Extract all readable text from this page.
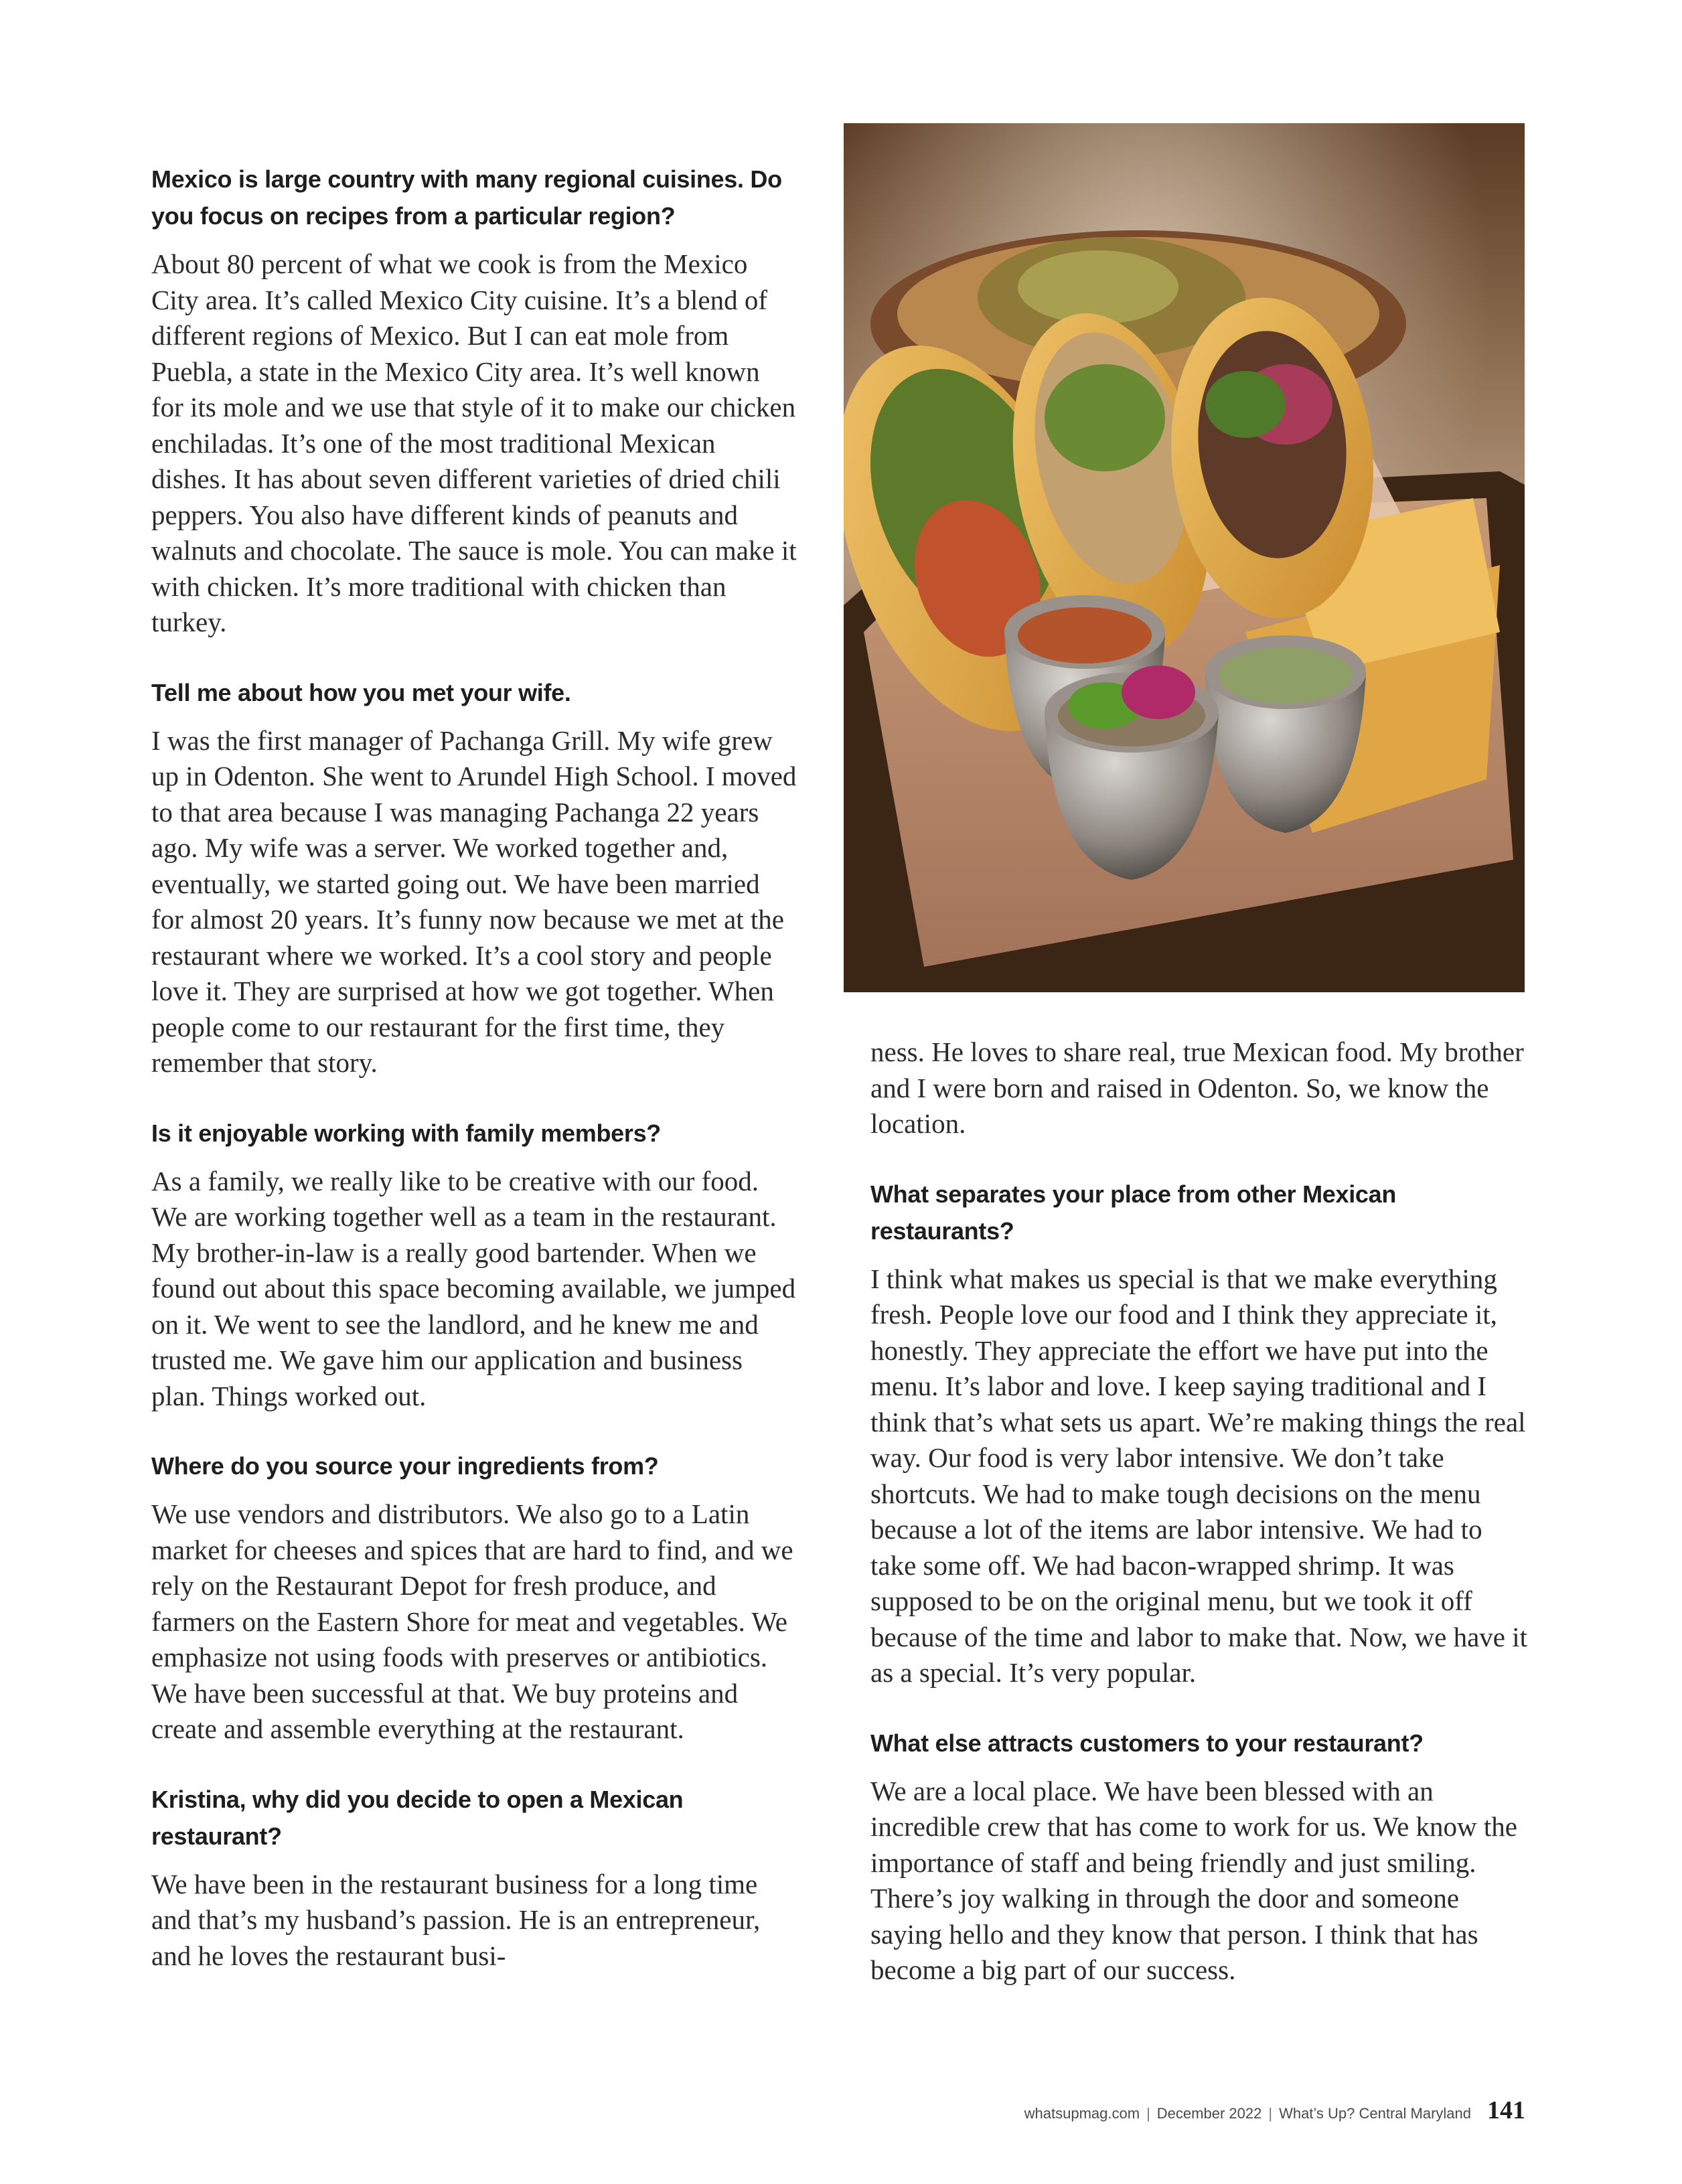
Mexico is large country with many regional cuisines. Do you focus on recipes from a particular region?

About 80 percent of what we cook is from the Mexico City area. It’s called Mexico City cuisine. It’s a blend of different regions of Mexico. But I can eat mole from Puebla, a state in the Mexico City area. It’s well known for its mole and we use that style of it to make our chicken enchiladas. It’s one of the most traditional Mexican dishes. It has about seven different varieties of dried chili peppers. You also have different kinds of peanuts and walnuts and chocolate. The sauce is mole. You can make it with chicken. It’s more traditional with chicken than turkey.

Tell me about how you met your wife.

I was the first manager of Pachanga Grill. My wife grew up in Odenton. She went to Arundel High School. I moved to that area because I was managing Pachanga 22 years ago. My wife was a server. We worked together and, eventually, we started going out. We have been married for almost 20 years. It’s funny now because we met at the restaurant where we worked. It’s a cool story and people love it. They are surprised at how we got together. When people come to our restaurant for the first time, they remember that story.

Is it enjoyable working with family members?

As a family, we really like to be creative with our food. We are working together well as a team in the restaurant. My brother-in-law is a really good bartender. When we found out about this space becoming available, we jumped on it. We went to see the landlord, and he knew me and trusted me. We gave him our application and business plan. Things worked out.

Where do you source your ingredients from?

We use vendors and distributors. We also go to a Latin market for cheeses and spices that are hard to find, and we rely on the Restaurant Depot for fresh produce, and farmers on the Eastern Shore for meat and vegetables. We emphasize not using foods with preserves or antibiotics. We have been successful at that. We buy proteins and create and assemble everything at the restaurant.

Kristina, why did you decide to open a Mexican restaurant?

We have been in the restaurant business for a long time and that’s my husband’s passion. He is an entrepreneur, and he loves the restaurant busi-

ness. He loves to share real, true Mexican food. My brother and I were born and raised in Odenton. So, we know the location.

What separates your place from other Mexican restaurants?

I think what makes us special is that we make everything fresh. People love our food and I think they appreciate it, honestly. They appreciate the effort we have put into the menu. It’s labor and love. I keep saying traditional and I think that’s what sets us apart. We’re making things the real way. Our food is very labor intensive. We don’t take shortcuts. We had to make tough decisions on the menu because a lot of the items are labor intensive. We had to take some off. We had bacon-wrapped shrimp. It was supposed to be on the original menu, but we took it off because of the time and labor to make that. Now, we have it as a special. It’s very popular.

What else attracts customers to your restaurant?

We are a local place. We have been blessed with an incredible crew that has come to work for us. We know the importance of staff and being friendly and just smiling. There’s joy walking in through the door and someone saying hello and they know that person. I think that has become a big part of our success.

whatsupmag.com | December 2022 | What’s Up? Central Maryland 141
